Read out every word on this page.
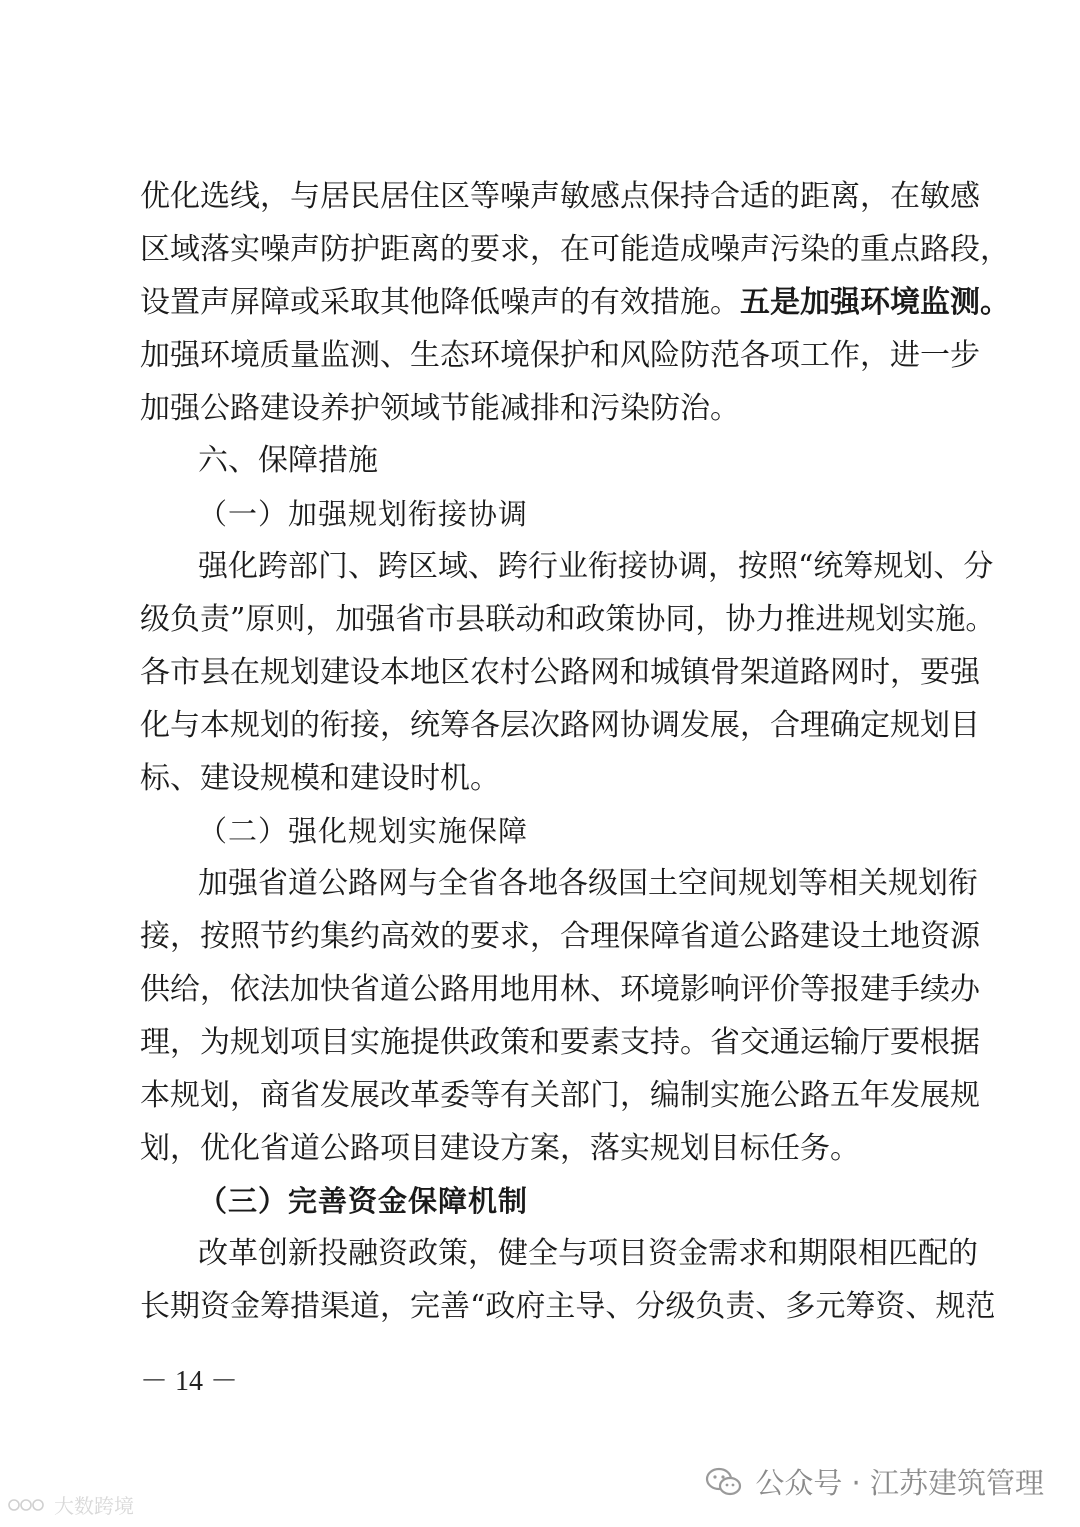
优化选线，与居民居住区等噪声敏感点保持合适的距离，在敏感
区域落实噪声防护距离的要求，在可能造成噪声污染的重点路段，
设置声屏障或采取其他降低噪声的有效措施。五是加强环境监测。
加强环境质量监测、生态环境保护和风险防范各项工作，进一步
加强公路建设养护领域节能减排和污染防治。
六、保障措施
（一）加强规划衔接协调
强化跨部门、跨区域、跨行业衔接协调，按照“统筹规划、分
级负责”原则，加强省市县联动和政策协同，协力推进规划实施。
各市县在规划建设本地区农村公路网和城镇骨架道路网时，要强
化与本规划的衔接，统筹各层次路网协调发展，合理确定规划目
标、建设规模和建设时机。
（二）强化规划实施保障
加强省道公路网与全省各地各级国土空间规划等相关规划衔
接，按照节约集约高效的要求，合理保障省道公路建设土地资源
供给，依法加快省道公路用地用林、环境影响评价等报建手续办
理，为规划项目实施提供政策和要素支持。省交通运输厅要根据
本规划，商省发展改革委等有关部门，编制实施公路五年发展规
划，优化省道公路项目建设方案，落实规划目标任务。
（三）完善资金保障机制
改革创新投融资政策，健全与项目资金需求和期限相匹配的
长期资金筹措渠道，完善“政府主导、分级负责、多元筹资、规范
－ 14 －
公众号 · 江苏建筑管理
大数跨境
